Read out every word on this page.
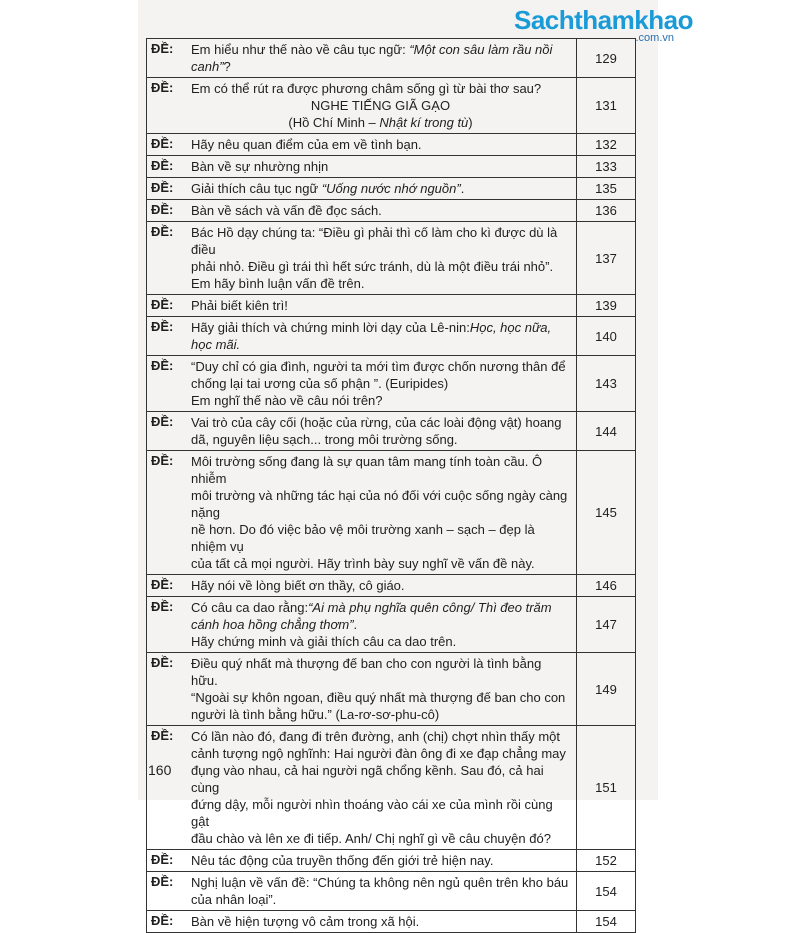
Sachthamkhao
.com.vn
ĐỀ:	Em hiểu như thế nào về câu tục ngữ: “Một con sâu làm rầu nồi canh”?
129
ĐỀ:	Em có thể rút ra được phương châm sống gì từ bài thơ sau?
NGHE TIẾNG GIÃ GẠO
(Hồ Chí Minh – Nhật kí trong tù)
131
ĐỀ:	Hãy nêu quan điểm của em về tình bạn.	132
ĐỀ:	Bàn về sự nhường nhịn	133
ĐỀ:	Giải thích câu tục ngữ “Uống nước nhớ nguồn”.	135
ĐỀ:	Bàn về sách và vấn đề đọc sách.	136
ĐỀ:	Bác Hồ dạy chúng ta: “Điều gì phải thì cố làm cho kì được dù là điều
phải nhỏ. Điều gì trái thì hết sức tránh, dù là một điều trái nhỏ”.
Em hãy bình luận vấn đề trên.
137
ĐỀ:	Phải biết kiên trì!	139
ĐỀ:	Hãy giải thích và chứng minh lời dạy của Lê-nin:Học, học nữa, học mãi.
140
ĐỀ:	“Duy chỉ có gia đình, người ta mới tìm được chốn nương thân để
chống lại tai ương của số phận ”. (Euripides)
Em nghĩ thế nào về câu nói trên?
143
ĐỀ:	Vai trò của cây cối (hoặc của rừng, của các loài động vật) hoang
dã, nguyên liệu sạch... trong môi trường sống.
144
ĐỀ:	Môi trường sống đang là sự quan tâm mang tính toàn cầu. Ô nhiễm
môi trường và những tác hại của nó đối với cuộc sống ngày càng nặng
nề hơn. Do đó việc bảo vệ môi trường xanh – sạch – đẹp là nhiệm vụ
của tất cả mọi người. Hãy trình bày suy nghĩ về vấn đề này.
145
ĐỀ:	Hãy nói về lòng biết ơn thầy, cô giáo.	146
ĐỀ:	Có câu ca dao rằng:“Ai mà phụ nghĩa quên công/ Thì đeo trăm
cánh hoa hồng chẳng thơm”.
Hãy chứng minh và giải thích câu ca dao trên.
147
ĐỀ:	Điều quý nhất mà thượng đế ban cho con người là tình bằng hữu.
“Ngoài sự khôn ngoan, điều quý nhất mà thượng đế ban cho con
người là tình bằng hữu.” (La-rơ-sơ-phu-cô)
149
ĐỀ:	Có lần nào đó, đang đi trên đường, anh (chị) chợt nhìn thấy một
cảnh tượng ngộ nghĩnh: Hai người đàn ông đi xe đạp chẳng may
đụng vào nhau, cả hai người ngã chổng kềnh. Sau đó, cả hai cùng
đứng dậy, mỗi người nhìn thoáng vào cái xe của mình rồi cùng gật
đầu chào và lên xe đi tiếp. Anh/ Chị nghĩ gì về câu chuyện đó?
151
ĐỀ:	Nêu tác động của truyền thống đến giới trẻ hiện nay.	152
ĐỀ:	Nghị luận về vấn đề: “Chúng ta không nên ngủ quên trên kho báu
của nhân loại”.
154
ĐỀ:	Bàn về hiện tượng vô cảm trong xã hội.	154
160
